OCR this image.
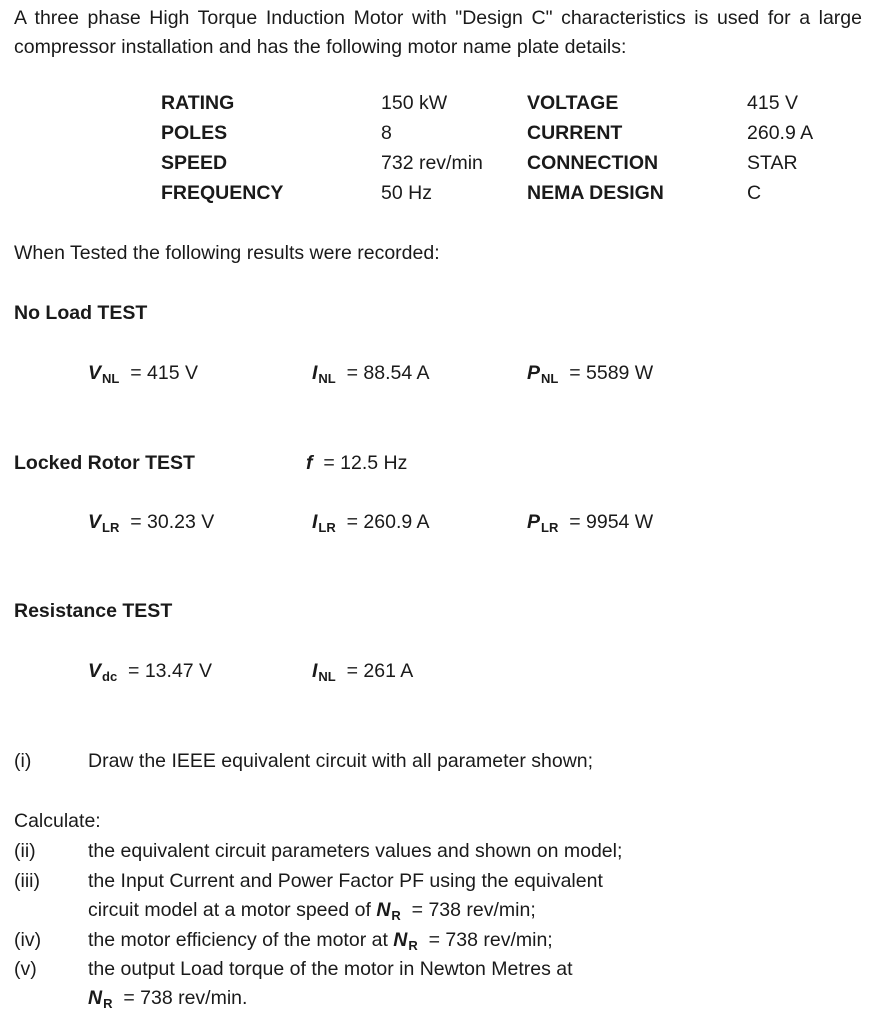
A three phase High Torque Induction Motor with "Design C" characteristics is used for a large compressor installation and has the following motor name plate details:
RATING	150 kW	VOLTAGE	415 V
POLES	8	CURRENT	260.9 A
SPEED	732 rev/min CONNECTION	STAR
FREQUENCY	50 Hz	NEMA DESIGN	C
When Tested the following results were recorded:
No Load TEST
$V_{NL} = 415$ V	$I_{NL} = 88.54$ A	$P_{NL} = 5589$ W
Locked Rotor TEST	f = 12.5 Hz
$V_{LR} = 30.23$ V	$I_{LR} = 260.9$ A	$P_{LR} = 9954$ W
Resistance TEST
$V_{dc} = 13.47$ V	$I_{NL} = 261$ A
(i)	Draw the IEEE equivalent circuit with all parameter shown;
Calculate:
(ii)	the equivalent circuit parameters values and shown on model;
(iii) the Input Current and Power Factor PF using the equivalent
circuit model at a motor speed of $N_R = 738$ rev/min;
(iv) the motor efficiency of the motor at $N_R = 738$ rev/min;
(v)	the output Load torque of the motor in Newton Metres at
$N_R = 738$ rev/min.
